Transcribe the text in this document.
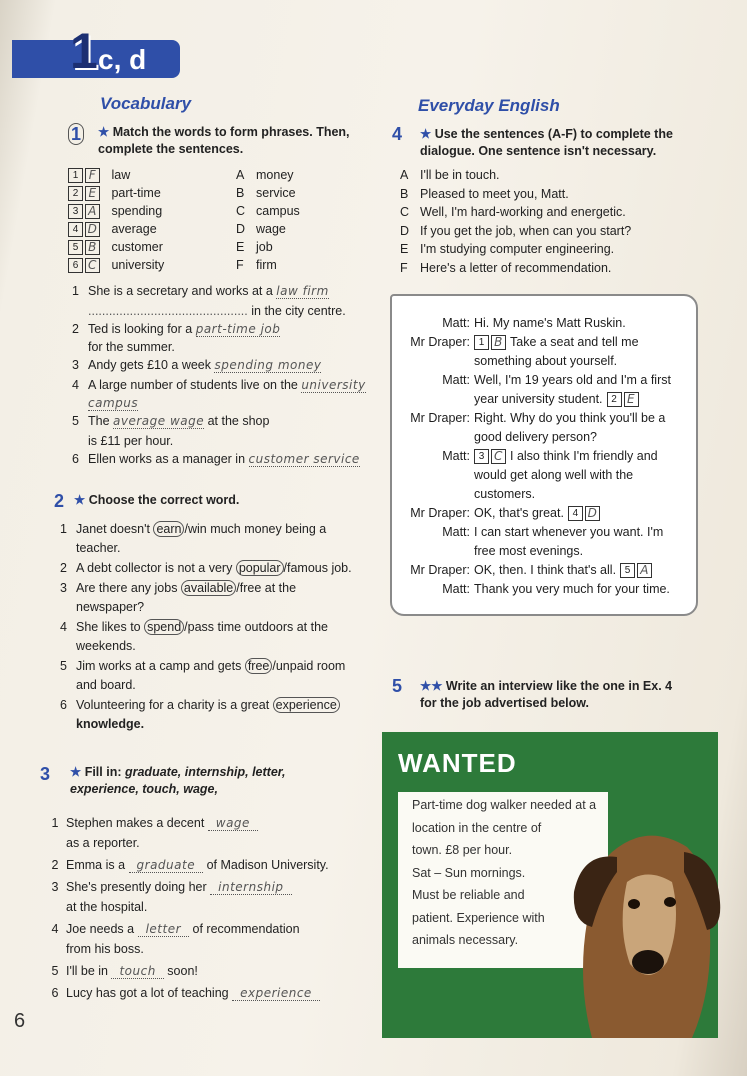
1 c, d
Vocabulary
1 ★ Match the words to form phrases. Then, complete the sentences.
1 F law
2 E part-time
3 A spending
4 D average
5 B customer
6 C university
A money
B service
C campus
D wage
E job
F firm
1 She is a secretary and works at a law firm
.............................................. in the city centre.
2 Ted is looking for a part-time job
for the summer.
3 Andy gets £10 a week spending money
4 A large number of students live on the university
campus
5 The average wage at the shop
is £11 per hour.
6 Ellen works as a manager in customer service
2 ★ Choose the correct word.
1 Janet doesn't earn /win much money being a
teacher.
2 A debt collector is not a very popular /famous job.
3 Are there any jobs available /free at the
newspaper?
4 She likes to spend /pass time outdoors at the
weekends.
5 Jim works at a camp and gets free /unpaid room
and board.
6 Volunteering for a charity is a great experience
knowledge.
3 ★ Fill in: graduate, internship, letter, experience, touch, wage,
1 Stephen makes a decent wage
as a reporter.
2 Emma is a graduate of Madison University.
3 She's presently doing her internship
at the hospital.
4 Joe needs a letter of recommendation
from his boss.
5 I'll be in touch soon!
6 Lucy has got a lot of teaching experience
6
Everyday English
4 ★ Use the sentences (A-F) to complete the dialogue. One sentence isn't necessary.
A I'll be in touch.
B Pleased to meet you, Matt.
C Well, I'm hard-working and energetic.
D If you get the job, when can you start?
E I'm studying computer engineering.
F Here's a letter of recommendation.
Matt: Hi. My name's Matt Ruskin.
Mr Draper: 1 B Take a seat and tell me
something about yourself.
Matt: Well, I'm 19 years old and I'm a first
year university student. 2 E
Mr Draper: Right. Why do you think you'll be a
good delivery person?
Matt: 3 C I also think I'm friendly and
would get along well with the
customers.
Mr Draper: OK, that's great. 4 D
Matt: I can start whenever you want. I'm
free most evenings.
Mr Draper: OK, then. I think that's all. 5 A
Matt: Thank you very much for your time.
5 ★★ Write an interview like the one in Ex. 4 for the job advertised below.
WANTED
Part-time dog walker needed at a
location in the centre of
town. £8 per hour.
Sat – Sun mornings.
Must be reliable and
patient. Experience with
animals necessary.
